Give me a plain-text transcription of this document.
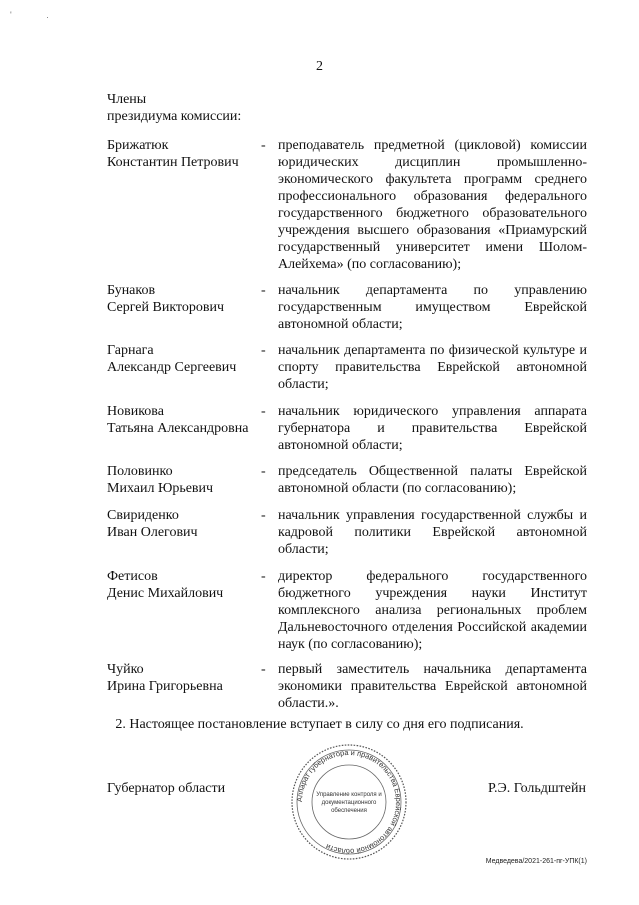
' .
2
Члены
президиума комиссии:
Брижатюк
Константин Петрович
- преподаватель предметной (цикловой) комиссии юридических дисциплин промышленно-экономического факультета программ среднего профессионального образования федерального государственного бюджетного образовательного учреждения высшего образования «Приамурский государственный университет имени Шолом-Алейхема» (по согласованию);
Бунаков
Сергей Викторович
- начальник департамента по управлению государственным имуществом Еврейской автономной области;
Гарнага
Александр Сергеевич
- начальник департамента по физической культуре и спорту правительства Еврейской автономной области;
Новикова
Татьяна Александровна
- начальник юридического управления аппарата губернатора и правительства Еврейской автономной области;
Половинко
Михаил Юрьевич
- председатель Общественной палаты Еврейской автономной области (по согласованию);
Свириденко
Иван Олегович
- начальник управления государственной службы и кадровой политики Еврейской автономной области;
Фетисов
Денис Михайлович
- директор федерального государственного бюджетного учреждения науки Институт комплексного анализа региональных проблем Дальневосточного отделения Российской академии наук (по согласованию);
Чуйко
Ирина Григорьевна
- первый заместитель начальника департамента экономики правительства Еврейской автономной области.».
2. Настоящее постановление вступает в силу со дня его подписания.
Губернатор области	Р.Э. Гольдштейн
Аппарат губернатора и правительства Еврейской автономной области
Управление контроля и
документационного
обеспечения
Медведева/2021-261-пг-УПК(1)
